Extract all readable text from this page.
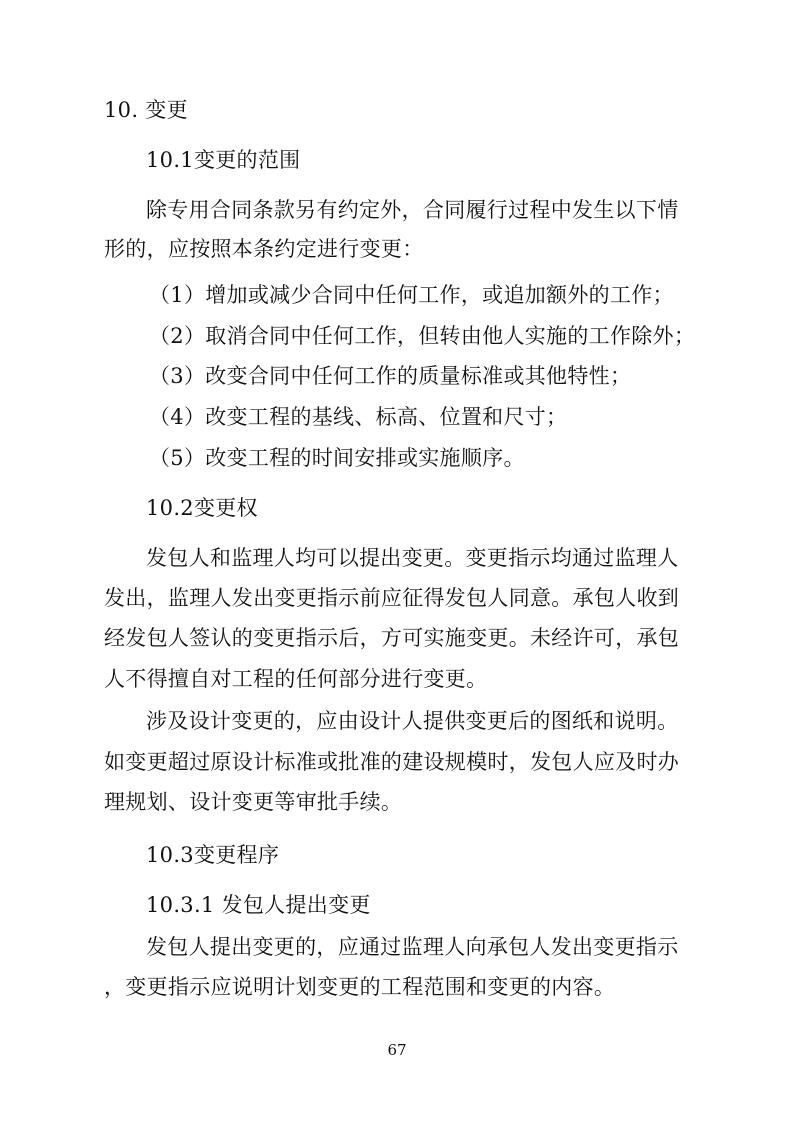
10. 变更
10.1变更的范围
除专用合同条款另有约定外，合同履行过程中发生以下情
形的，应按照本条约定进行变更：
（1）增加或减少合同中任何工作，或追加额外的工作；
（2）取消合同中任何工作，但转由他人实施的工作除外；
（3）改变合同中任何工作的质量标准或其他特性；
（4）改变工程的基线、标高、位置和尺寸；
（5）改变工程的时间安排或实施顺序。
10.2变更权
发包人和监理人均可以提出变更。变更指示均通过监理人
发出，监理人发出变更指示前应征得发包人同意。承包人收到
经发包人签认的变更指示后，方可实施变更。未经许可，承包
人不得擅自对工程的任何部分进行变更。
涉及设计变更的，应由设计人提供变更后的图纸和说明。
如变更超过原设计标准或批准的建设规模时，发包人应及时办
理规划、设计变更等审批手续。
10.3变更程序
10.3.1 发包人提出变更
发包人提出变更的，应通过监理人向承包人发出变更指示
，变更指示应说明计划变更的工程范围和变更的内容。
67
